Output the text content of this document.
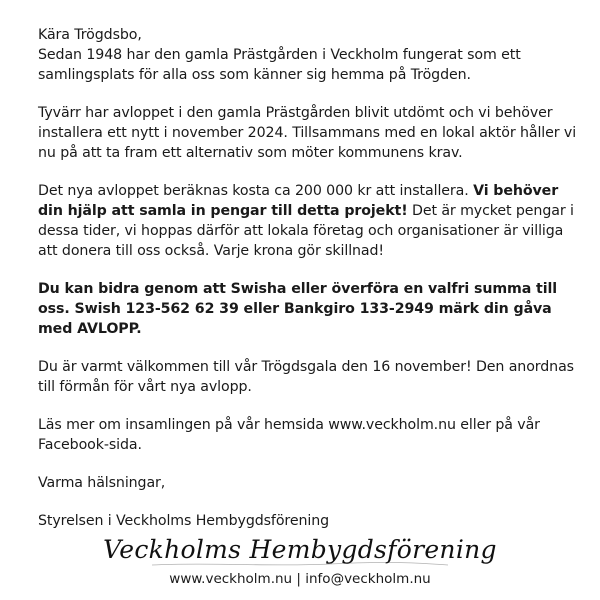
Kära Trögdsbo,
Sedan 1948 har den gamla Prästgården i Veckholm fungerat som ett samlingsplats för alla oss som känner sig hemma på Trögden.

Tyvärr har avloppet i den gamla Prästgården blivit utdömt och vi behöver installera ett nytt i november 2024. Tillsammans med en lokal aktör håller vi nu på att ta fram ett alternativ som möter kommunens krav.

Det nya avloppet beräknas kosta ca 200 000 kr att installera. Vi behöver din hjälp att samla in pengar till detta projekt! Det är mycket pengar i dessa tider, vi hoppas därför att lokala företag och organisationer är villiga att donera till oss också. Varje krona gör skillnad!

Du kan bidra genom att Swisha eller överföra en valfri summa till oss. Swish 123-562 62 39 eller Bankgiro 133-2949 märk din gåva med AVLOPP.

Du är varmt välkommen till vår Trögdsgala den 16 november! Den anordnas till förmån för vårt nya avlopp.

Läs mer om insamlingen på vår hemsida www.veckholm.nu eller på vår Facebook-sida.

Varma hälsningar,

Styrelsen i Veckholms Hembygdsförening

Veckholms Hembygdsförening
www.veckholm.nu | info@veckholm.nu
